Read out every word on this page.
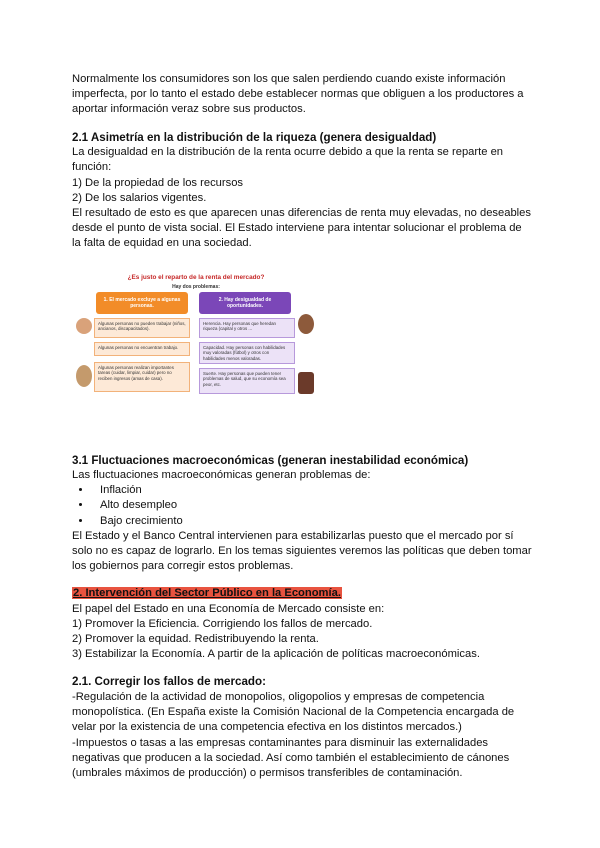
Normalmente los consumidores son los que salen perdiendo cuando existe información imperfecta, por lo tanto el estado debe establecer normas que obliguen a los productores a aportar información veraz sobre sus productos.

2.1 Asimetría en la distribución de la riqueza (genera desigualdad)

La desigualdad en la distribución de la renta ocurre debido a que la renta se reparte en función:

1) De la propiedad de los recursos

2) De los salarios vigentes.

El resultado de esto es que aparecen unas diferencias de renta muy elevadas, no deseables desde el punto de vista social. El Estado interviene para intentar solucionar el problema de la falta de equidad en una sociedad.

¿Es justo el reparto de la renta del mercado?
Hay dos problemas:
1. El mercado excluye a algunas personas.
2. Hay desigualdad de oportunidades.
Algunas personas no pueden trabajar (niños, ancianos, discapacitados).
Algunas personas no encuentran trabajo.
Algunas personas realizan importantes tareas (cuidar, limpiar, cuidar) pero no reciben ingresos (amas de casa).
Herencia. Hay personas que heredan riqueza (capital y otros ...
Capacidad. Hay personas con habilidades muy valoradas (fútbol) y otros con habilidades menos valoradas.
Suerte. Hay personas que pueden tener problemas de salud, que su economía sea peor, etc.
3.1 Fluctuaciones macroeconómicas (generan inestabilidad económica)

Las fluctuaciones macroeconómicas generan problemas de:

• Inflación
• Alto desempleo
• Bajo crecimiento

El Estado y el Banco Central intervienen para estabilizarlas puesto que el mercado por sí solo no es capaz de lograrlo. En los temas siguientes veremos las políticas que deben tomar los gobiernos para corregir estos problemas.

2. Intervención del Sector Público en la Economía.

El papel del Estado en una Economía de Mercado consiste en:

1) Promover la Eficiencia. Corrigiendo los fallos de mercado.

2) Promover la equidad. Redistribuyendo la renta.

3) Estabilizar la Economía. A partir de la aplicación de políticas macroeconómicas.

2.1. Corregir los fallos de mercado:

-Regulación de la actividad de monopolios, oligopolios y empresas de competencia monopolística. (En España existe la Comisión Nacional de la Competencia encargada de velar por la existencia de una competencia efectiva en los distintos mercados.)

-Impuestos o tasas a las empresas contaminantes para disminuir las externalidades negativas que producen a la sociedad. Así como también el establecimiento de cánones (umbrales máximos de producción) o permisos transferibles de contaminación.
